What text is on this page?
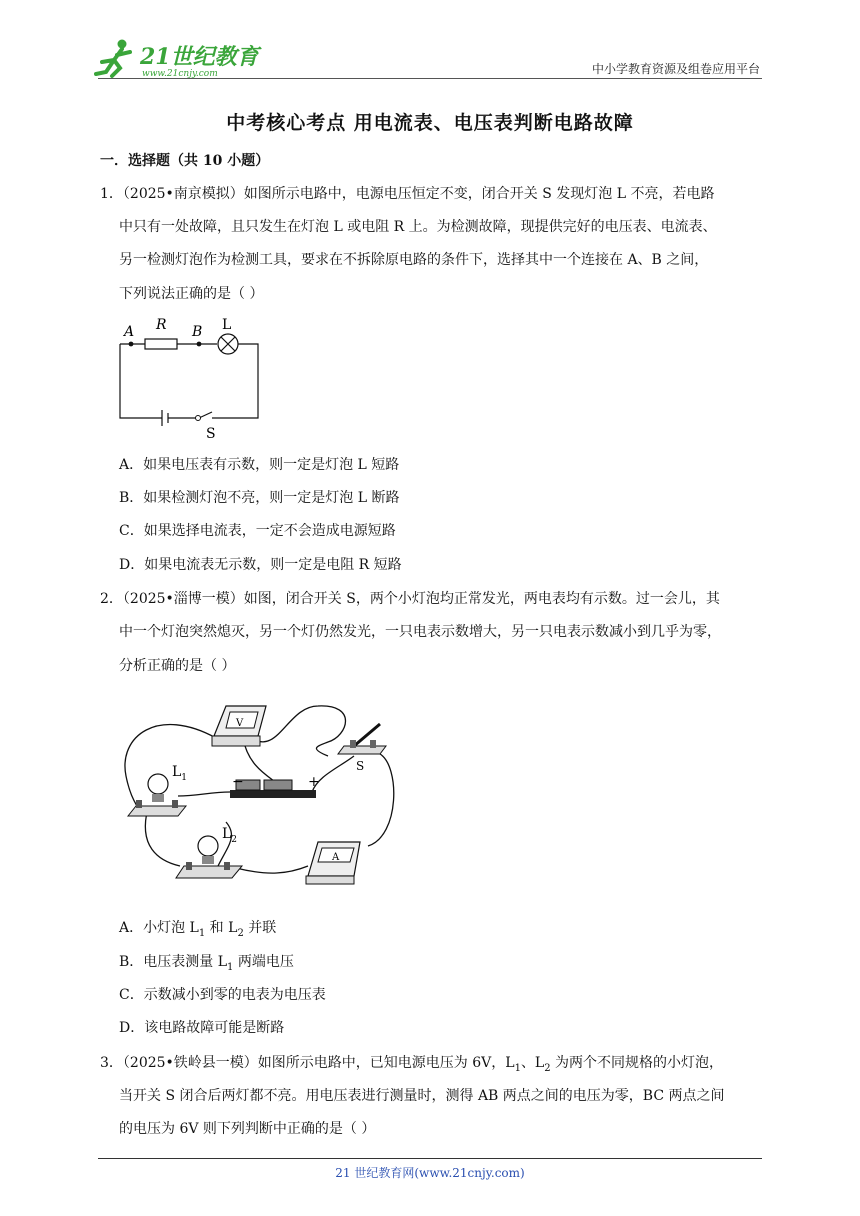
21世纪教育
www.21cnjy.com	中小学教育资源及组卷应用平台
中考核心考点 用电流表、电压表判断电路故障
一．选择题（共 10 小题）
1．（2025•南京模拟）如图所示电路中，电源电压恒定不变，闭合开关 S 发现灯泡 L 不亮，若电路
中只有一处故障，且只发生在灯泡 L 或电阻 R 上。为检测故障，现提供完好的电压表、电流表、
另一检测灯泡作为检测工具，要求在不拆除原电路的条件下，选择其中一个连接在 A、B 之间，
下列说法正确的是（ ）
A R B L
S
A．如果电压表有示数，则一定是灯泡 L 短路
B．如果检测灯泡不亮，则一定是灯泡 L 断路
C．如果选择电流表，一定不会造成电源短路
D．如果电流表无示数，则一定是电阻 R 短路
2．（2025•淄博一模）如图，闭合开关 S，两个小灯泡均正常发光，两电表均有示数。过一会儿，其
中一个灯泡突然熄灭，另一个灯仍然发光，一只电表示数增大，另一只电表示数减小到几乎为零，
分析正确的是（ ）
V
S
$L_1$	−	+
$L_2$
A
A．小灯泡 $L_1$ 和 $L_2$ 并联
B．电压表测量 $L_1$ 两端电压
C．示数减小到零的电表为电压表
D．该电路故障可能是断路
3．（2025•铁岭县一模）如图所示电路中，已知电源电压为 6V，$L_1$、$L_2$ 为两个不同规格的小灯泡，
当开关 S 闭合后两灯都不亮。用电压表进行测量时，测得 AB 两点之间的电压为零，BC 两点之间
的电压为 6V 则下列判断中正确的是（ ）
21 世纪教育网(www.21cnjy.com)
